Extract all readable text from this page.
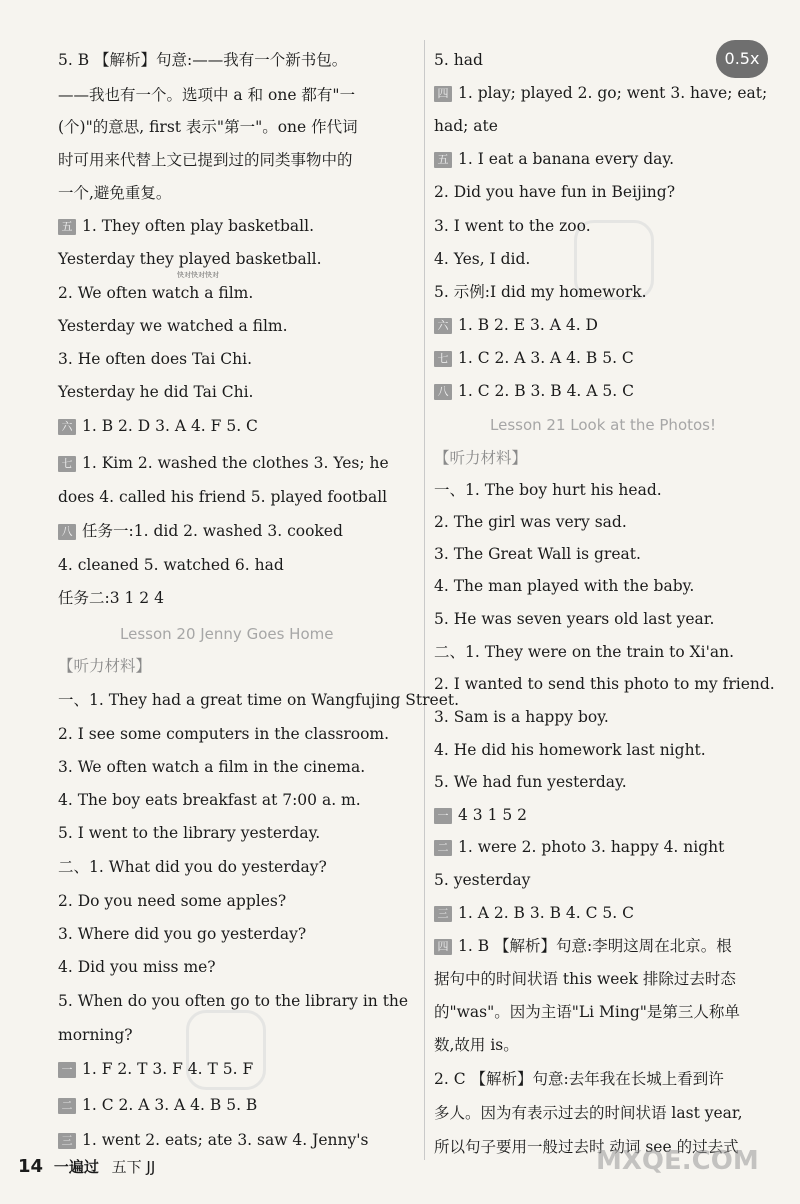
0.5x
5. B 【解析】句意:——我有一个新书包。
——我也有一个。选项中 a 和 one 都有"一
(个)"的意思, first 表示"第一"。one 作代词
时可用来代替上文已提到过的同类事物中的
一个,避免重复。
五 1. They often play basketball.
Yesterday they played basketball.
2. We often watch a film.
Yesterday we watched a film.
3. He often does Tai Chi.
Yesterday he did Tai Chi.
六 1. B 2. D 3. A 4. F 5. C
七 1. Kim 2. washed the clothes 3. Yes; he
does 4. called his friend 5. played football
八 任务一:1. did 2. washed 3. cooked
4. cleaned 5. watched 6. had
任务二:3 1 2 4
Lesson 20 Jenny Goes Home
【听力材料】
一、1. They had a great time on Wangfujing Street.
2. I see some computers in the classroom.
3. We often watch a film in the cinema.
4. The boy eats breakfast at 7:00 a. m.
5. I went to the library yesterday.
二、1. What did you do yesterday?
2. Do you need some apples?
3. Where did you go yesterday?
4. Did you miss me?
5. When do you often go to the library in the
morning?
一 1. F 2. T 3. F 4. T 5. F
二 1. C 2. A 3. A 4. B 5. B
三 1. went 2. eats; ate 3. saw 4. Jenny's
5. had
四 1. play; played 2. go; went 3. have; eat;
had; ate
五 1. I eat a banana every day.
2. Did you have fun in Beijing?
3. I went to the zoo.
4. Yes, I did.
5. 示例:I did my homework.
六 1. B 2. E 3. A 4. D
七 1. C 2. A 3. A 4. B 5. C
八 1. C 2. B 3. B 4. A 5. C
Lesson 21 Look at the Photos!
【听力材料】
一、1. The boy hurt his head.
2. The girl was very sad.
3. The Great Wall is great.
4. The man played with the baby.
5. He was seven years old last year.
二、1. They were on the train to Xi'an.
2. I wanted to send this photo to my friend.
3. Sam is a happy boy.
4. He did his homework last night.
5. We had fun yesterday.
一 4 3 1 5 2
二 1. were 2. photo 3. happy 4. night
5. yesterday
三 1. A 2. B 3. B 4. C 5. C
四 1. B 【解析】句意:李明这周在北京。根
据句中的时间状语 this week 排除过去时态
的"was"。因为主语"Li Ming"是第三人称单
数,故用 is。
2. C 【解析】句意:去年我在长城上看到许
多人。因为有表示过去的时间状语 last year,
所以句子要用一般过去时 动词 see 的过去式
快对快对快对
14 一遍过 五下 JJ	MXQE.COM
